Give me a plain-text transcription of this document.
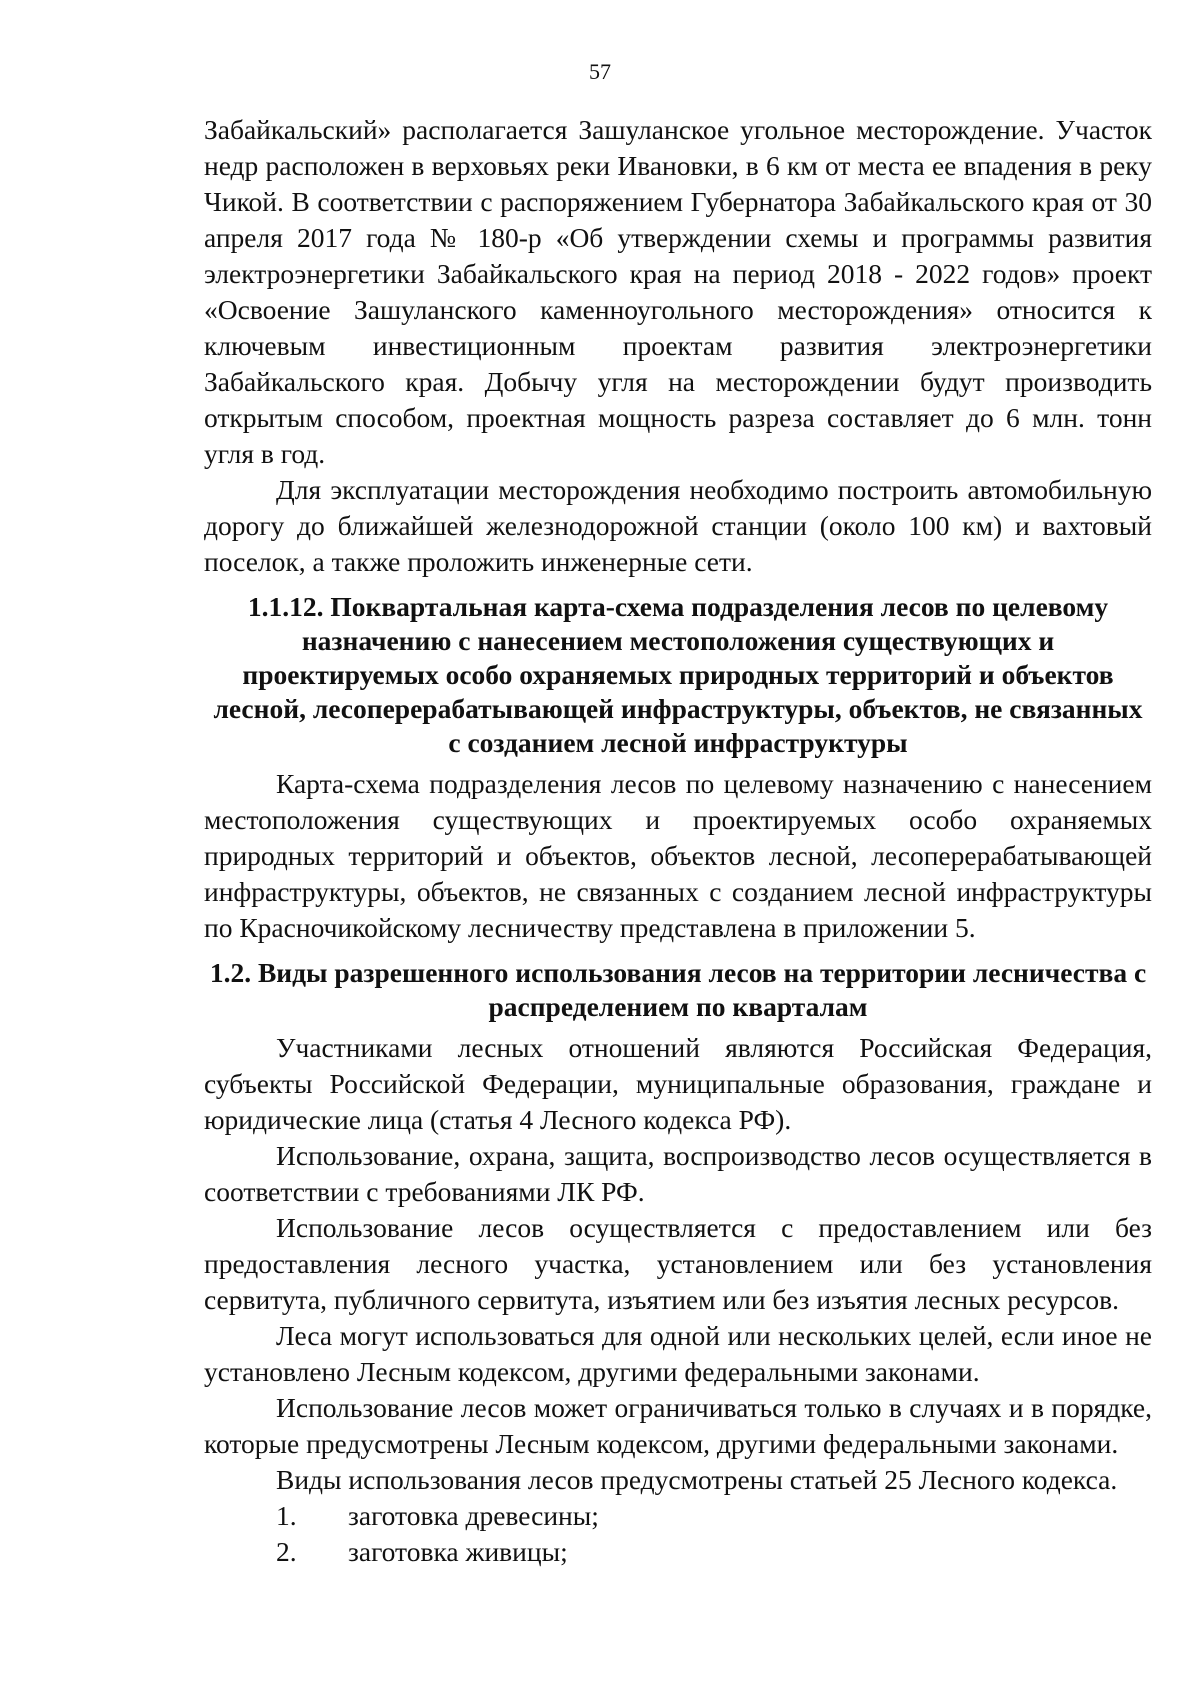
57

Забайкальский» располагается Зашуланское угольное месторождение. Участок недр расположен в верховьях реки Ивановки, в 6 км от места ее впадения в реку Чикой. В соответствии с распоряжением Губернатора Забайкальского края от 30 апреля 2017 года № 180-р «Об утверждении схемы и программы развития электроэнергетики Забайкальского края на период 2018 - 2022 годов» проект «Освоение Зашуланского каменноугольного месторождения» относится к ключевым инвестиционным проектам развития электроэнергетики Забайкальского края. Добычу угля на месторождении будут производить открытым способом, проектная мощность разреза составляет до 6 млн. тонн угля в год.

Для эксплуатации месторождения необходимо построить автомобильную дорогу до ближайшей железнодорожной станции (около 100 км) и вахтовый поселок, а также проложить инженерные сети.

1.1.12. Поквартальная карта-схема подразделения лесов по целевому назначению с нанесением местоположения существующих и проектируемых особо охраняемых природных территорий и объектов лесной, лесоперерабатывающей инфраструктуры, объектов, не связанных с созданием лесной инфраструктуры

Карта-схема подразделения лесов по целевому назначению с нанесением местоположения существующих и проектируемых особо охраняемых природных территорий и объектов, объектов лесной, лесоперерабатывающей инфраструктуры, объектов, не связанных с созданием лесной инфраструктуры по Красночикойскому лесничеству представлена в приложении 5.

1.2. Виды разрешенного использования лесов на территории лесничества с распределением по кварталам

Участниками лесных отношений являются Российская Федерация, субъекты Российской Федерации, муниципальные образования, граждане и юридические лица (статья 4 Лесного кодекса РФ).

Использование, охрана, защита, воспроизводство лесов осуществляется в соответствии с требованиями ЛК РФ.

Использование лесов осуществляется с предоставлением или без предоставления лесного участка, установлением или без установления сервитута, публичного сервитута, изъятием или без изъятия лесных ресурсов.

Леса могут использоваться для одной или нескольких целей, если иное не установлено Лесным кодексом, другими федеральными законами.

Использование лесов может ограничиваться только в случаях и в порядке, которые предусмотрены Лесным кодексом, другими федеральными законами.

Виды использования лесов предусмотрены статьей 25 Лесного кодекса.

1.	заготовка древесины;
2.	заготовка живицы;
